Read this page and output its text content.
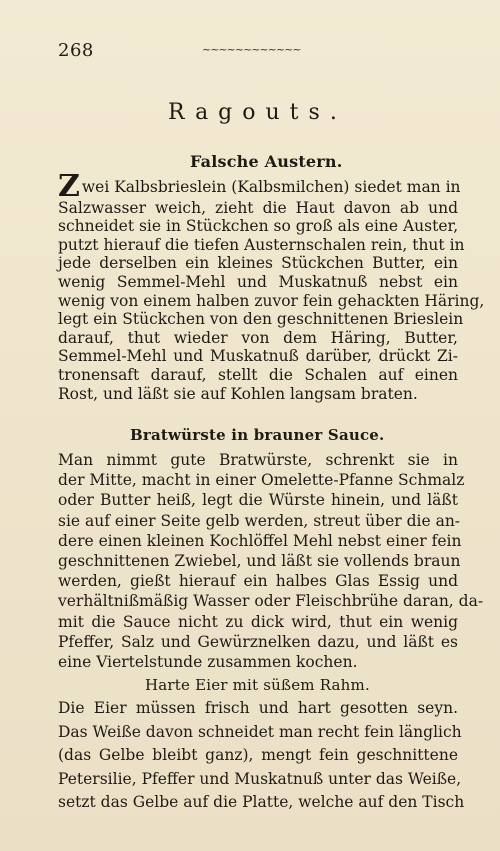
268	~~~~~~~~~~~~
Ragouts.
Falsche Austern.
Zwei Kalbsbrieslein (Kalbsmilchen) siedet man in
Salzwasser weich, zieht die Haut davon ab und
schneidet sie in Stückchen so groß als eine Auster,
putzt hierauf die tiefen Austernschalen rein, thut in
jede derselben ein kleines Stückchen Butter, ein
wenig Semmel-Mehl und Muskatnuß nebst ein
wenig von einem halben zuvor fein gehackten Häring,
legt ein Stückchen von den geschnittenen Brieslein
darauf, thut wieder von dem Häring, Butter,
Semmel-Mehl und Muskatnuß darüber, drückt Zi-
tronensaft darauf, stellt die Schalen auf einen
Bratwürste in brauner Sauce.
Man nimmt gute Bratwürste, schrenkt sie in
der Mitte, macht in einer Omelette-Pfanne Schmalz
oder Butter heiß, legt die Würste hinein, und läßt
sie auf einer Seite gelb werden, streut über die an-
dere einen kleinen Kochlöffel Mehl nebst einer fein
geschnittenen Zwiebel, und läßt sie vollends braun
werden, gießt hierauf ein halbes Glas Essig und
verhältnißmäßig Wasser oder Fleischbrühe daran, da-
mit die Sauce nicht zu dick wird, thut ein wenig
Harte Eier mit süßem Rahm.
Die Eier müssen frisch und hart gesotten seyn.
Das Weiße davon schneidet man recht fein länglich
(das Gelbe bleibt ganz), mengt fein geschnittene
Petersilie, Pfeffer und Muskatnuß unter das Weiße,
setzt das Gelbe auf die Platte, welche auf den Tisch
Rost, und läßt sie auf Kohlen langsam braten.
Pfeffer, Salz und Gewürznelken dazu, und läßt es
eine Viertelstunde zusammen kochen.
